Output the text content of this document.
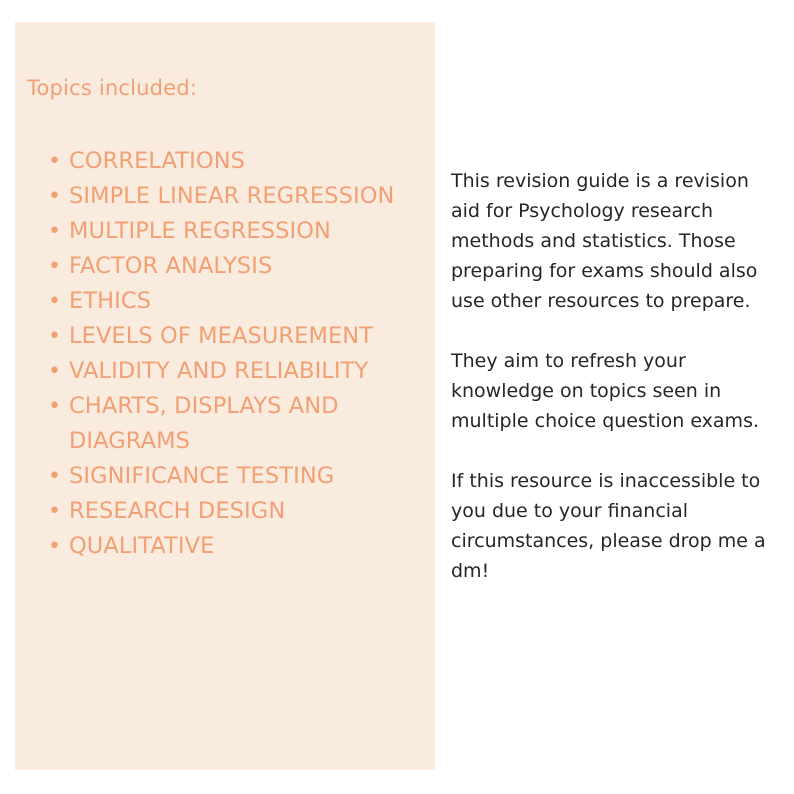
Topics included:
• CORRELATIONS
• SIMPLE LINEAR REGRESSION
• MULTIPLE REGRESSION
• FACTOR ANALYSIS
• ETHICS
• LEVELS OF MEASUREMENT
• VALIDITY AND RELIABILITY
• CHARTS, DISPLAYS AND DIAGRAMS
• SIGNIFICANCE TESTING
• RESEARCH DESIGN
• QUALITATIVE

This revision guide is a revision aid for Psychology research methods and statistics. Those preparing for exams should also use other resources to prepare.

They aim to refresh your knowledge on topics seen in multiple choice question exams.

If this resource is inaccessible to you due to your financial circumstances, please drop me a dm!
